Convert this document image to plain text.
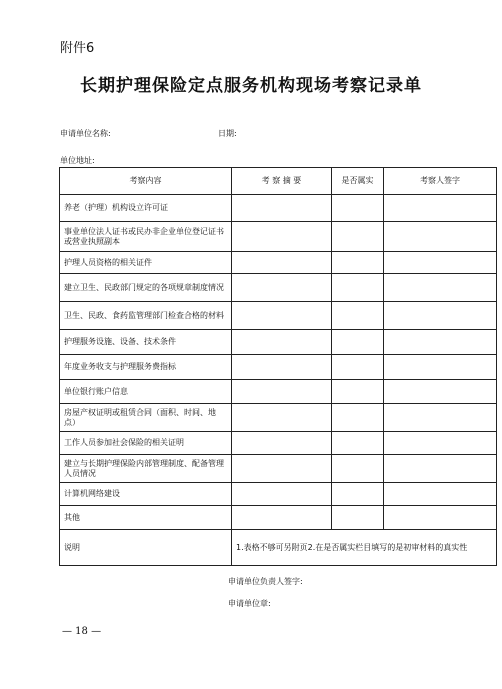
附件6
长期护理保险定点服务机构现场考察记录单
申请单位名称:	日期:
单位地址:
考察内容	考 察 摘 要	是否属实	考察人签字
养老（护理）机构设立许可证			
事业单位法人证书或民办非企业单位登记证书或营业执照副本			
护理人员资格的相关证件			
建立卫生、民政部门规定的各项规章制度情况			
卫生、民政、食药监管理部门检查合格的材料			
护理服务设施、设备、技术条件			
年度业务收支与护理服务费指标			
单位银行账户信息			
房屋产权证明或租赁合同（面积、时间、地点）			
工作人员参加社会保险的相关证明			
建立与长期护理保险内部管理制度、配备管理人员情况			
计算机网络建设			
其他			
说明	1.表格不够可另附页2.在是否属实栏目填写的是初审材料的真实性		
申请单位负责人签字:
申请单位章:
— 18 —
